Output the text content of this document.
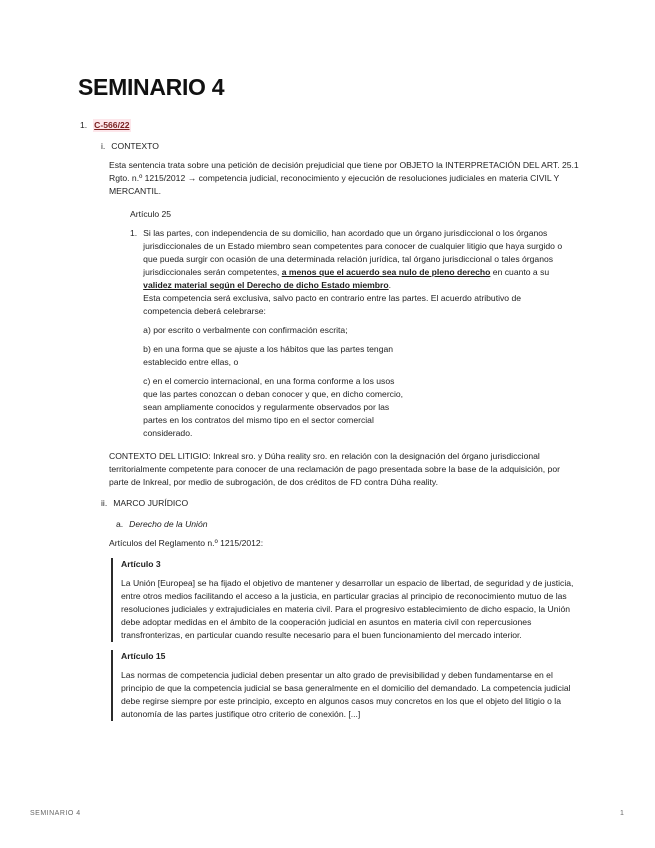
SEMINARIO 4
1. C-566/22
i. CONTEXTO

Esta sentencia trata sobre una petición de decisión prejudicial que tiene por OBJETO la INTERPRETACIÓN DEL ART. 25.1 Rgto. n.º 1215/2012 → competencia judicial, reconocimiento y ejecución de resoluciones judiciales en materia CIVIL Y MERCANTIL.

Artículo 25
1. Si las partes, con independencia de su domicilio, han acordado que un órgano jurisdiccional o los órganos jurisdiccionales de un Estado miembro sean competentes para conocer de cualquier litigio que haya surgido o que pueda surgir con ocasión de una determinada relación jurídica, tal órgano jurisdiccional o tales órganos jurisdiccionales serán competentes, a menos que el acuerdo sea nulo de pleno derecho en cuanto a su validez material según el Derecho de dicho Estado miembro.

Esta competencia será exclusiva, salvo pacto en contrario entre las partes. El acuerdo atributivo de competencia deberá celebrarse:

a) por escrito o verbalmente con confirmación escrita;

b) en una forma que se ajuste a los hábitos que las partes tengan establecido entre ellas, o

c) en el comercio internacional, en una forma conforme a los usos que las partes conozcan o deban conocer y que, en dicho comercio, sean ampliamente conocidos y regularmente observados por las partes en los contratos del mismo tipo en el sector comercial considerado.

CONTEXTO DEL LITIGIO: Inkreal sro. y Dúha reality sro. en relación con la designación del órgano jurisdiccional territorialmente competente para conocer de una reclamación de pago presentada sobre la base de la adquisición, por parte de Inkreal, por medio de subrogación, de dos créditos de FD contra Dúha reality.

ii. MARCO JURÍDICO
a. Derecho de la Unión

Artículos del Reglamento n.º 1215/2012:

Artículo 3

La Unión [Europea] se ha fijado el objetivo de mantener y desarrollar un espacio de libertad, de seguridad y de justicia, entre otros medios facilitando el acceso a la justicia, en particular gracias al principio de reconocimiento mutuo de las resoluciones judiciales y extrajudiciales en materia civil. Para el progresivo establecimiento de dicho espacio, la Unión debe adoptar medidas en el ámbito de la cooperación judicial en asuntos en materia civil con repercusiones transfronterizas, en particular cuando resulte necesario para el buen funcionamiento del mercado interior.

Artículo 15

Las normas de competencia judicial deben presentar un alto grado de previsibilidad y deben fundamentarse en el principio de que la competencia judicial se basa generalmente en el domicilio del demandado. La competencia judicial debe regirse siempre por este principio, excepto en algunos casos muy concretos en los que el objeto del litigio o la autonomía de las partes justifique otro criterio de conexión. [...]

SEMINARIO 4	1
